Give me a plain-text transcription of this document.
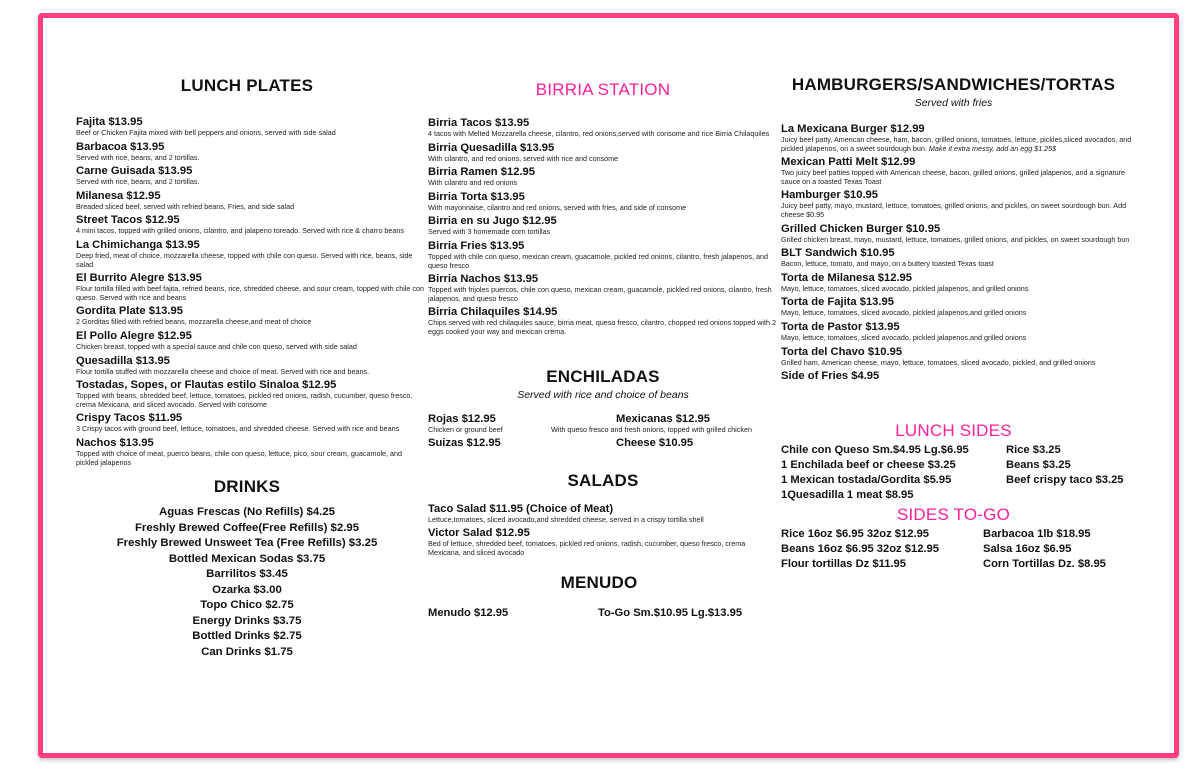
LUNCH PLATES
Fajita $13.95
Beef or Chicken Fajita mixed with bell peppers and onions, served with side salad
Barbacoa $13.95
Served with rice, beans, and 2 tortillas.
Carne Guisada $13.95
Served with rice, beans, and 2 tortillas.
Milanesa $12.95
Breaded sliced beef, served with refried beans, Fries, and side salad
Street Tacos $12.95
4 mini tacos, topped with grilled onions, cilantro, and jalapeno toreado. Served with rice & charro beans
La Chimichanga $13.95
Deep fried, meat of choice, mozzarella cheese, topped with chile con queso. Served with rice, beans, side salad
El Burrito Alegre $13.95
Flour tortilla filled with beef fajita, refried beans, rice, shredded cheese, and sour cream, topped with chile con queso. Served with rice and beans
Gordita Plate $13.95
2 Gorditas filled with refried beans, mozzarella cheese,and meat of choice
El Pollo Alegre $12.95
Chicken breast, topped with a special sauce and chile con queso, served with side salad
Quesadilla $13.95
Flour tortilla stuffed with mozzarella cheese and choice of meat. Served with rice and beans.
Tostadas, Sopes, or Flautas estilo Sinaloa $12.95
Topped with beans, shredded beef, lettuce, tomatoes, pickled red onions, radish, cucumber, queso fresco, crema Mexicana, and sliced avocado. Served with consome
Crispy Tacos $11.95
3 Crispy tacos with ground beef, lettuce, tomatoes, and shredded cheese. Served with rice and beans
Nachos $13.95
Topped with choice of meat, puerco beans, chile con queso, lettuce, pico, sour cream, guacamole, and pickled jalapenos
DRINKS
Aguas Frescas (No Refills) $4.25
Freshly Brewed Coffee(Free Refills) $2.95
Freshly Brewed Unsweet Tea (Free Refills) $3.25
Bottled Mexican Sodas $3.75
Barrilitos $3.45
Ozarka $3.00
Topo Chico $2.75
Energy Drinks $3.75
Bottled Drinks $2.75
Can Drinks $1.75
BIRRIA STATION
Birria Tacos $13.95
4 tacos with Melted Mozzarella cheese, cilantro, red onions,served with consome and rice Birria Chilaquiles
Birria Quesadilla $13.95
With cilantro, and red onions, served with rice and consome
Birria Ramen $12.95
With cilantro and red onions
Birria Torta $13.95
With mayonnaise, cilantro and red onions, served with fries, and side of consome
Birria en su Jugo $12.95
Served with 3 homemade corn tortillas
Birria Fries $13.95
Topped with chile con queso, mexican cream, guacamole, pickled red onions, cilantro, fresh jalapenos, and queso fresco
Birria Nachos $13.95
Topped with frijoles puercos, chile con queso, mexican cream, guacamole, pickled red onions, cilantro, fresh jalapenos, and queso fresco
Birria Chilaquiles $14.95
Chips served with red chilaquiles sauce, birria meat, queso fresco, cilantro, chopped red onions topped with 2 eggs cooked your way and mexican crema.
ENCHILADAS
Served with rice and choice of beans
Rojas $12.95
Chicken or ground beef
Suizas $12.95
Mexicanas $12.95
With queso fresco and fresh onions, topped with grilled chicken
Cheese $10.95
SALADS
Taco Salad $11.95 (Choice of Meat)
Lettuce,tomatoes, sliced avocado,and shredded cheese, served in a crispy tortilla shell
Victor Salad $12.95
Bed of lettuce, shredded beef, tomatoes, pickled red onions, radish, cucumber, queso fresco, crema Mexicana, and sliced avocado
MENUDO
Menudo $12.95	To-Go Sm.$10.95 Lg.$13.95
HAMBURGERS/SANDWICHES/TORTAS
Served with fries
La Mexicana Burger $12.99
Juicy beef patty, American cheese, ham, bacon, grilled onions, tomatoes, lettuce, pickles,sliced avocados, and pickled jalapenos, on a sweet sourdough bun. Make it extra messy, add an egg $1.25$
Mexican Patti Melt $12.99
Two juicy beef patties topped with American cheese, bacon, grilled onions, grilled jalapenos, and a signature sauce on a toasted Texas Toast
Hamburger $10.95
Juicy beef patty, mayo, mustard, lettuce, tomatoes, grilled onions, and pickles, on sweet sourdough bun. Add cheese $0.95
Grilled Chicken Burger $10.95
Grilled chicken breast, mayo, mustard, lettuce, tomatoes, grilled onions, and pickles, on sweet sourdough bun
BLT Sandwich $10.95
Bacon, lettuce, tomato, and mayo, on a buttery toasted Texas toast
Torta de Milanesa $12.95
Mayo, lettuce, tomatoes, sliced avocado, pickled jalapenos, and grilled onions
Torta de Fajita $13.95
Mayo, lettuce, tomatoes, sliced avocado, pickled jalapenos,and grilled onions
Torta de Pastor $13.95
Mayo, lettuce, tomatoes, sliced avocado, pickled jalapenos,and grilled onions
Torta del Chavo $10.95
Grilled ham, American cheese, mayo, lettuce, tomatoes, sliced avocado, pickled, and grilled onions
Side of Fries $4.95
LUNCH SIDES
Chile con Queso Sm.$4.95 Lg.$6.95
1 Enchilada beef or cheese $3.25
1 Mexican tostada/Gordita $5.95
1Quesadilla 1 meat $8.95
Rice $3.25
Beans $3.25
Beef crispy taco $3.25
SIDES TO-GO
Rice 16oz $6.95 32oz $12.95
Beans 16oz $6.95 32oz $12.95
Flour tortillas Dz $11.95
Barbacoa 1lb $18.95
Salsa 16oz $6.95
Corn Tortillas Dz. $8.95
